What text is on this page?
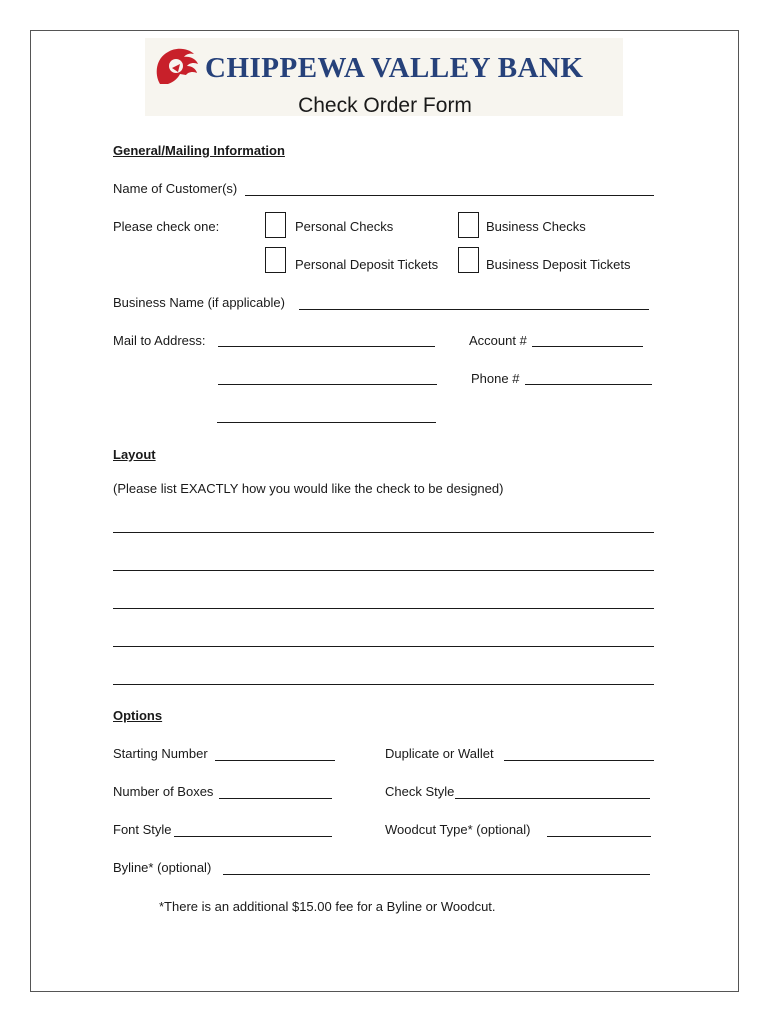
CHIPPEWA VALLEY BANK
Check Order Form
General/Mailing Information
Name of Customer(s)
Please check one:	Personal Checks	Business Checks
Personal Deposit Tickets	Business Deposit Tickets
Business Name (if applicable)
Mail to Address:	Account #
Phone #
Layout
(Please list EXACTLY how you would like the check to be designed)
Options
Starting Number	Duplicate or Wallet
Number of Boxes	Check Style
Font Style	Woodcut Type* (optional)
Byline* (optional)
*There is an additional $15.00 fee for a Byline or Woodcut.
